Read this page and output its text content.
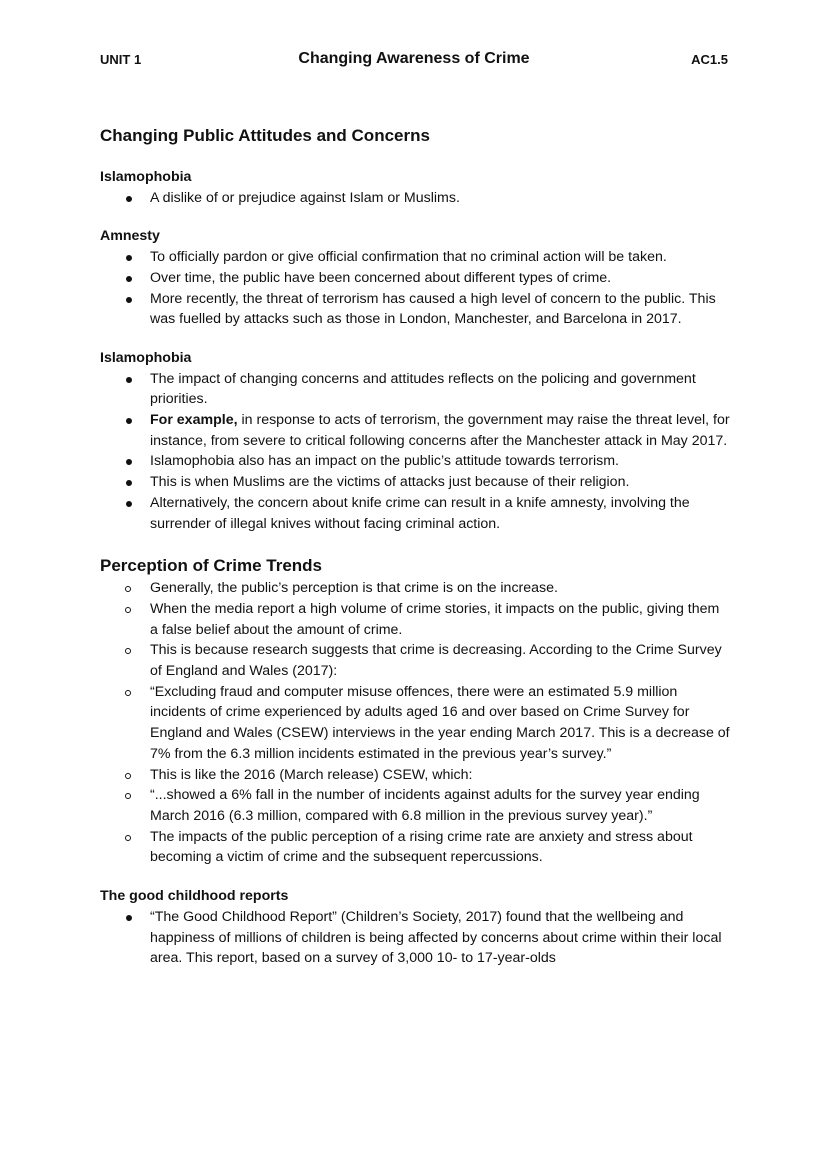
UNIT 1	Changing Awareness of Crime	AC1.5
Changing Public Attitudes and Concerns
Islamophobia
A dislike of or prejudice against Islam or Muslims.
Amnesty
To officially pardon or give official confirmation that no criminal action will be taken.
Over time, the public have been concerned about different types of crime.
More recently, the threat of terrorism has caused a high level of concern to the public. This was fuelled by attacks such as those in London, Manchester, and Barcelona in 2017.
Islamophobia
The impact of changing concerns and attitudes reflects on the policing and government priorities.
For example, in response to acts of terrorism, the government may raise the threat level, for instance, from severe to critical following concerns after the Manchester attack in May 2017.
Islamophobia also has an impact on the public’s attitude towards terrorism.
This is when Muslims are the victims of attacks just because of their religion.
Alternatively, the concern about knife crime can result in a knife amnesty, involving the surrender of illegal knives without facing criminal action.
Perception of Crime Trends
Generally, the public’s perception is that crime is on the increase.
When the media report a high volume of crime stories, it impacts on the public, giving them a false belief about the amount of crime.
This is because research suggests that crime is decreasing. According to the Crime Survey of England and Wales (2017):
“Excluding fraud and computer misuse offences, there were an estimated 5.9 million incidents of crime experienced by adults aged 16 and over based on Crime Survey for England and Wales (CSEW) interviews in the year ending March 2017. This is a decrease of 7% from the 6.3 million incidents estimated in the previous year’s survey.”
This is like the 2016 (March release) CSEW, which:
“...showed a 6% fall in the number of incidents against adults for the survey year ending March 2016 (6.3 million, compared with 6.8 million in the previous survey year).”
The impacts of the public perception of a rising crime rate are anxiety and stress about becoming a victim of crime and the subsequent repercussions.
The good childhood reports
“The Good Childhood Report” (Children’s Society, 2017) found that the wellbeing and happiness of millions of children is being affected by concerns about crime within their local area. This report, based on a survey of 3,000 10- to 17-year-olds
